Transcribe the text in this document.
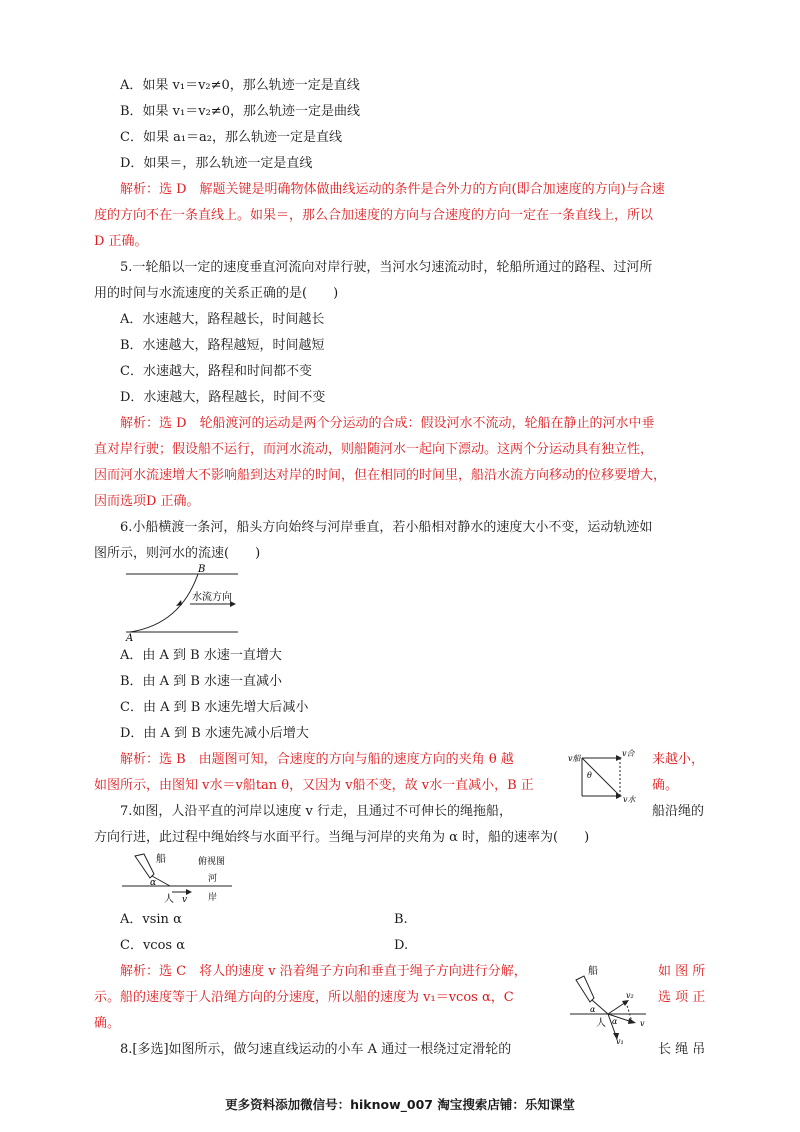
A．如果 v₁＝v₂≠0，那么轨迹一定是直线
B．如果 v₁＝v₂≠0，那么轨迹一定是曲线
C．如果 a₁＝a₂，那么轨迹一定是直线
D．如果＝，那么轨迹一定是直线
解析：选 D　解题关键是明确物体做曲线运动的条件是合外力的方向(即合加速度的方向)与合速
度的方向不在一条直线上。如果＝，那么合加速度的方向与合速度的方向一定在一条直线上，所以
D 正确。
5.一轮船以一定的速度垂直河流向对岸行驶，当河水匀速流动时，轮船所通过的路程、过河所
用的时间与水流速度的关系正确的是(　　)
A．水速越大，路程越长，时间越长
B．水速越大，路程越短，时间越短
C．水速越大，路程和时间都不变
D．水速越大，路程越长，时间不变
解析：选 D　轮船渡河的运动是两个分运动的合成：假设河水不流动，轮船在静止的河水中垂
直对岸行驶；假设船不运行，而河水流动，则船随河水一起向下漂动。这两个分运动具有独立性，
因而河水流速增大不影响船到达对岸的时间，但在相同的时间里，船沿水流方向移动的位移要增大，
因而选项D 正确。
6.小船横渡一条河，船头方向始终与河岸垂直，若小船相对静水的速度大小不变，运动轨迹如
图所示，则河水的流速(　　)
水流方向
A
B
A．由 A 到 B 水速一直增大
B．由 A 到 B 水速一直减小
C．由 A 到 B 水速先增大后减小
D．由 A 到 B 水速先减小后增大
解析：选 B　由题图可知，合速度的方向与船的速度方向的夹角 θ 越	来越小，
如图所示，由图知 v水＝v船tan θ，又因为 v船不变，故 v水一直减小，B 正	确。
v船
v合
v水
θ
7.如图，人沿平直的河岸以速度 v 行走，且通过不可伸长的绳拖船，	船沿绳的
方向行进，此过程中绳始终与水面平行。当绳与河岸的夹角为 α 时，船的速率为(　　)
船	俯视图
河
岸
人
α
v
A．vsin α	B.
C．vcos α	D.
解析：选 C　将人的速度 v 沿着绳子方向和垂直于绳子方向进行分解，	如 图 所
示。船的速度等于人沿绳方向的分速度，所以船的速度为 v₁＝vcos α，C	选 项 正
确。
船
人	v
v₁
v₂
α
α
8.[多选]如图所示，做匀速直线运动的小车 A 通过一根绕过定滑轮的	长 绳 吊
更多资料添加微信号：hiknow_007 淘宝搜索店铺：乐知课堂
